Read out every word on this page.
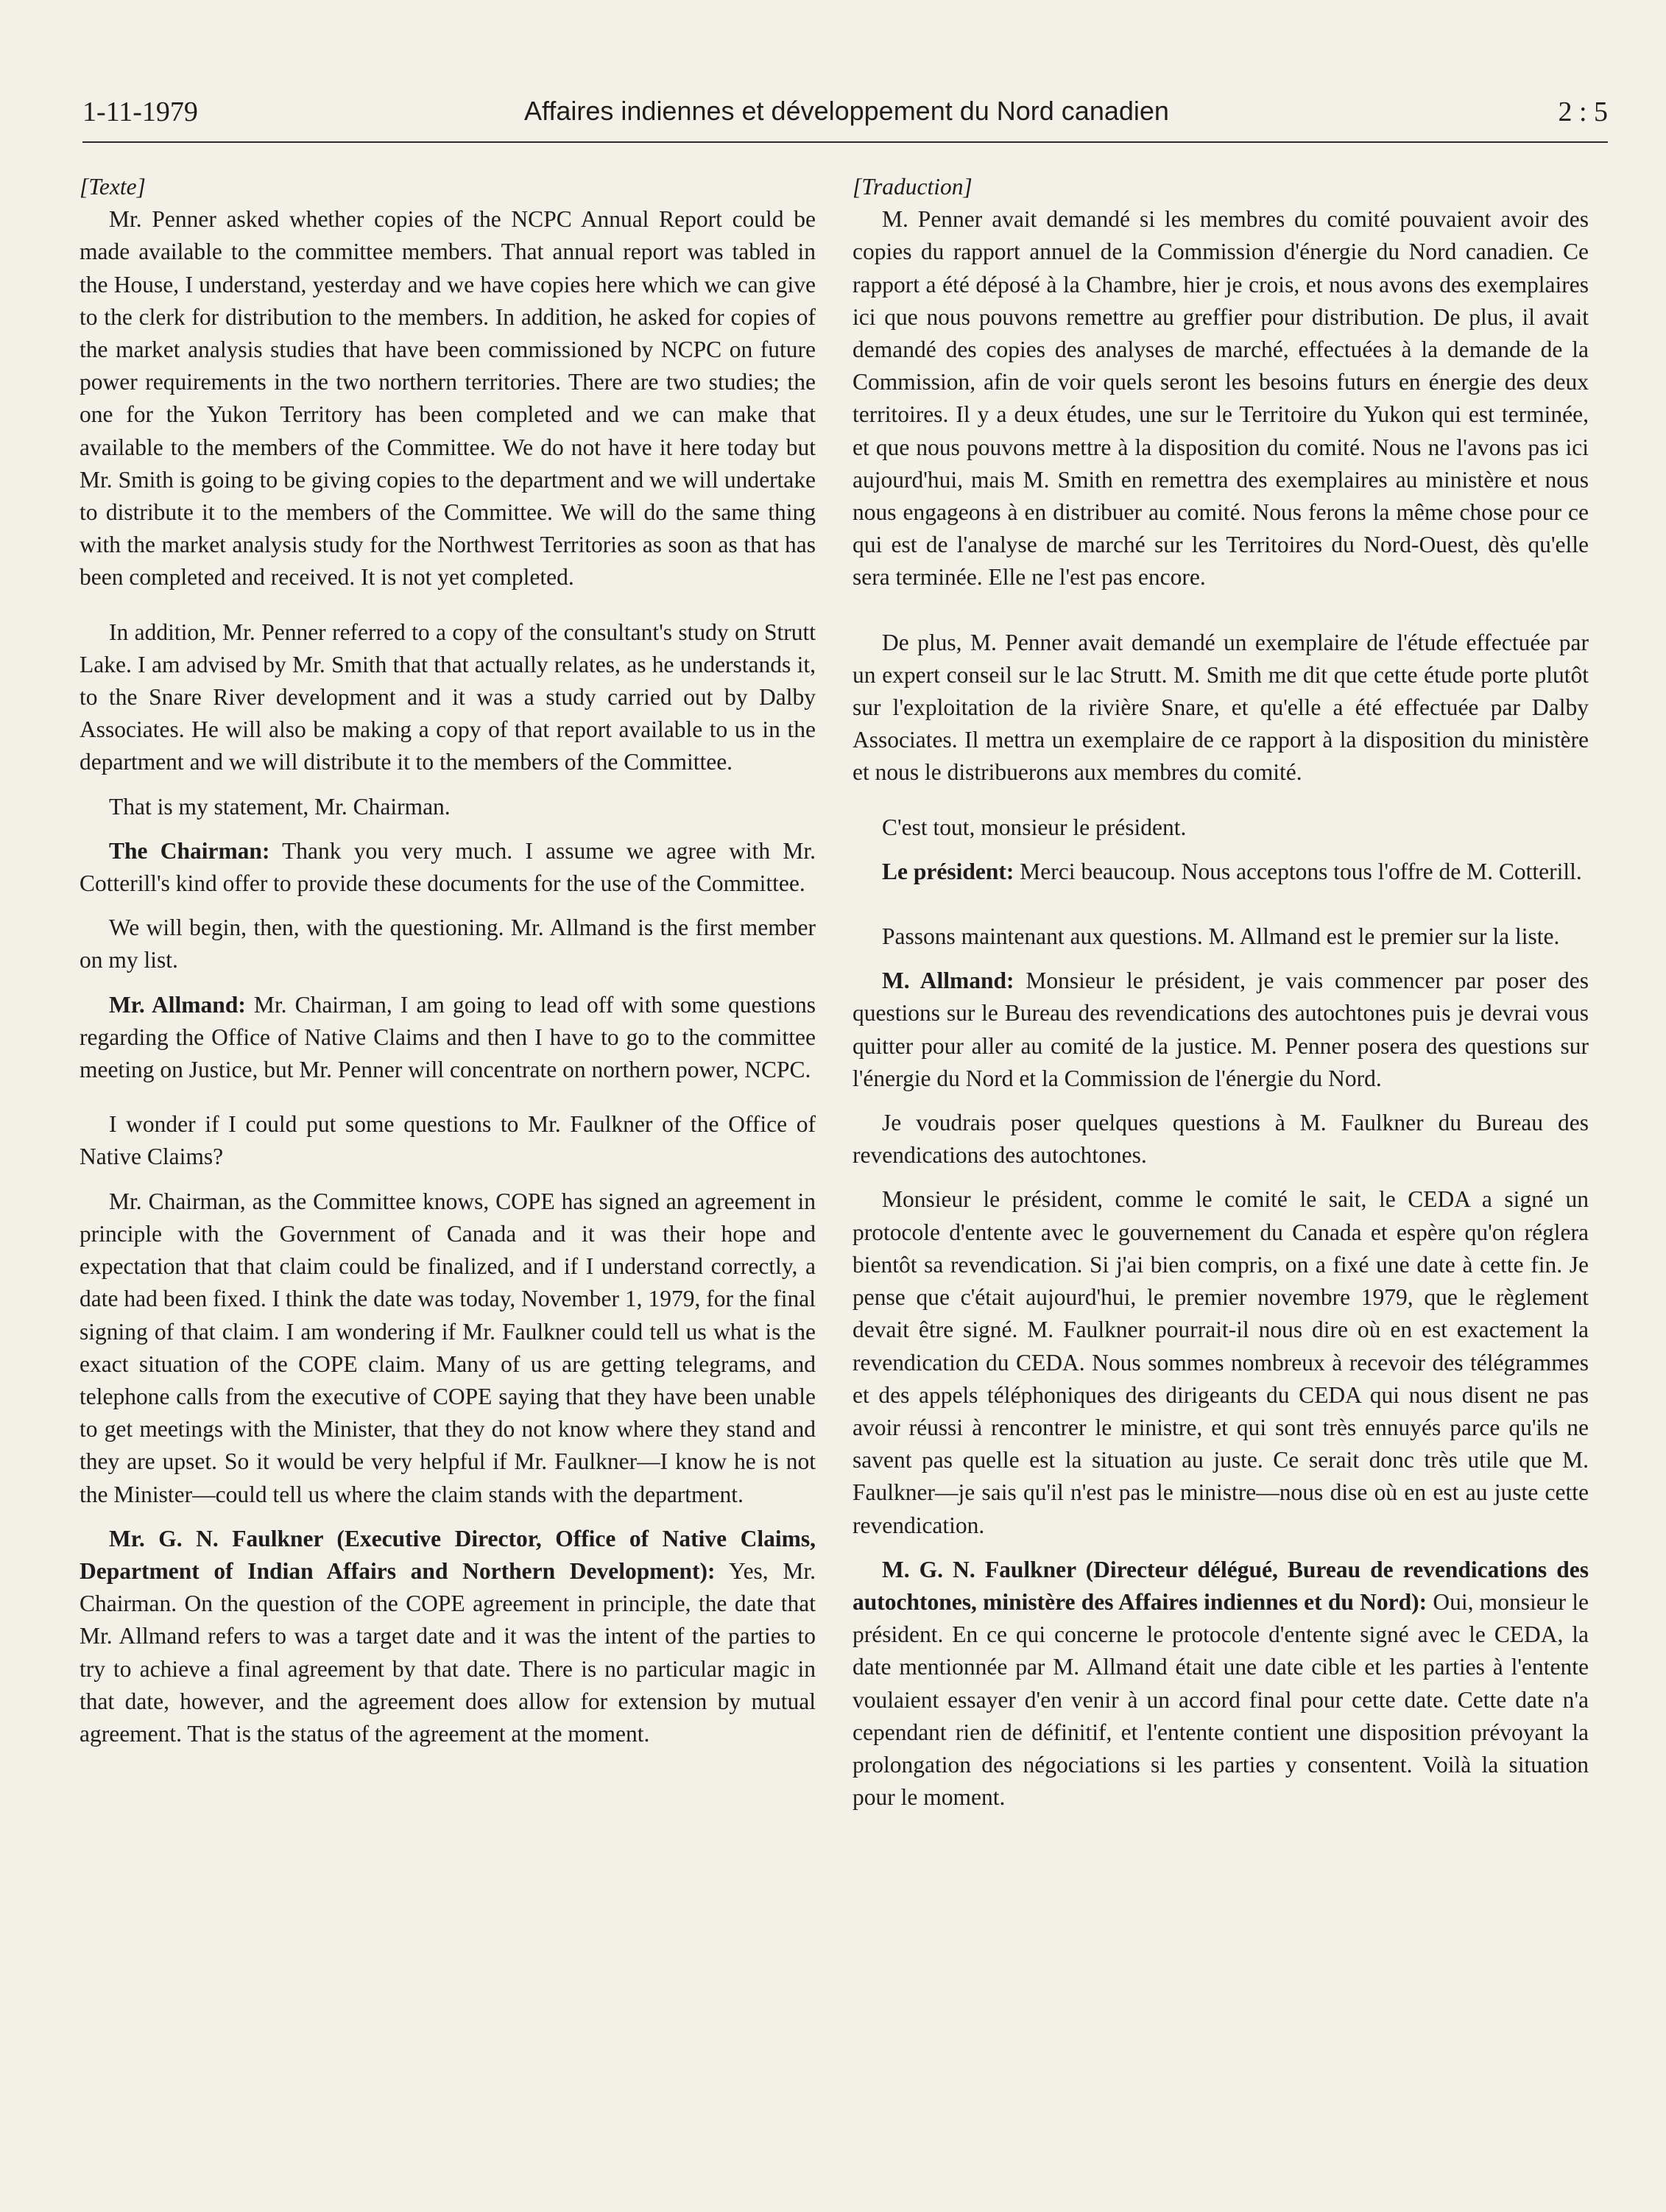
1-11-1979	Affaires indiennes et développement du Nord canadien	2 : 5

[Texte]

Mr. Penner asked whether copies of the NCPC Annual Report could be made available to the committee members. That annual report was tabled in the House, I understand, yesterday and we have copies here which we can give to the clerk for distribution to the members. In addition, he asked for copies of the market analysis studies that have been commissioned by NCPC on future power requirements in the two northern territories. There are two studies; the one for the Yukon Territory has been completed and we can make that available to the members of the Committee. We do not have it here today but Mr. Smith is going to be giving copies to the department and we will undertake to distribute it to the members of the Committee. We will do the same thing with the market analysis study for the Northwest Territories as soon as that has been completed and received. It is not yet completed.

In addition, Mr. Penner referred to a copy of the consultant's study on Strutt Lake. I am advised by Mr. Smith that that actually relates, as he understands it, to the Snare River development and it was a study carried out by Dalby Associates. He will also be making a copy of that report available to us in the department and we will distribute it to the members of the Committee.

That is my statement, Mr. Chairman.

The Chairman: Thank you very much. I assume we agree with Mr. Cotterill's kind offer to provide these documents for the use of the Committee.

We will begin, then, with the questioning. Mr. Allmand is the first member on my list.

Mr. Allmand: Mr. Chairman, I am going to lead off with some questions regarding the Office of Native Claims and then I have to go to the committee meeting on Justice, but Mr. Penner will concentrate on northern power, NCPC.

I wonder if I could put some questions to Mr. Faulkner of the Office of Native Claims?

Mr. Chairman, as the Committee knows, COPE has signed an agreement in principle with the Government of Canada and it was their hope and expectation that that claim could be finalized, and if I understand correctly, a date had been fixed. I think the date was today, November 1, 1979, for the final signing of that claim. I am wondering if Mr. Faulkner could tell us what is the exact situation of the COPE claim. Many of us are getting telegrams, and telephone calls from the executive of COPE saying that they have been unable to get meetings with the Minister, that they do not know where they stand and they are upset. So it would be very helpful if Mr. Faulkner—I know he is not the Minister—could tell us where the claim stands with the department.

Mr. G. N. Faulkner (Executive Director, Office of Native Claims, Department of Indian Affairs and Northern Development): Yes, Mr. Chairman. On the question of the COPE agreement in principle, the date that Mr. Allmand refers to was a target date and it was the intent of the parties to try to achieve a final agreement by that date. There is no particular magic in that date, however, and the agreement does allow for extension by mutual agreement. That is the status of the agreement at the moment.

[Traduction]

M. Penner avait demandé si les membres du comité pouvaient avoir des copies du rapport annuel de la Commission d'énergie du Nord canadien. Ce rapport a été déposé à la Chambre, hier je crois, et nous avons des exemplaires ici que nous pouvons remettre au greffier pour distribution. De plus, il avait demandé des copies des analyses de marché, effectuées à la demande de la Commission, afin de voir quels seront les besoins futurs en énergie des deux territoires. Il y a deux études, une sur le Territoire du Yukon qui est terminée, et que nous pouvons mettre à la disposition du comité. Nous ne l'avons pas ici aujourd'hui, mais M. Smith en remettra des exemplaires au ministère et nous nous engageons à en distribuer au comité. Nous ferons la même chose pour ce qui est de l'analyse de marché sur les Territoires du Nord-Ouest, dès qu'elle sera terminée. Elle ne l'est pas encore.

De plus, M. Penner avait demandé un exemplaire de l'étude effectuée par un expert conseil sur le lac Strutt. M. Smith me dit que cette étude porte plutôt sur l'exploitation de la rivière Snare, et qu'elle a été effectuée par Dalby Associates. Il mettra un exemplaire de ce rapport à la disposition du ministère et nous le distribuerons aux membres du comité.

C'est tout, monsieur le président.

Le président: Merci beaucoup. Nous acceptons tous l'offre de M. Cotterill.

Passons maintenant aux questions. M. Allmand est le premier sur la liste.

M. Allmand: Monsieur le président, je vais commencer par poser des questions sur le Bureau des revendications des autochtones puis je devrai vous quitter pour aller au comité de la justice. M. Penner posera des questions sur l'énergie du Nord et la Commission de l'énergie du Nord.

Je voudrais poser quelques questions à M. Faulkner du Bureau des revendications des autochtones.

Monsieur le président, comme le comité le sait, le CEDA a signé un protocole d'entente avec le gouvernement du Canada et espère qu'on réglera bientôt sa revendication. Si j'ai bien compris, on a fixé une date à cette fin. Je pense que c'était aujourd'hui, le premier novembre 1979, que le règlement devait être signé. M. Faulkner pourrait-il nous dire où en est exactement la revendication du CEDA. Nous sommes nombreux à recevoir des télégrammes et des appels téléphoniques des dirigeants du CEDA qui nous disent ne pas avoir réussi à rencontrer le ministre, et qui sont très ennuyés parce qu'ils ne savent pas quelle est la situation au juste. Ce serait donc très utile que M. Faulkner—je sais qu'il n'est pas le ministre—nous dise où en est au juste cette revendication.

M. G. N. Faulkner (Directeur délégué, Bureau de revendications des autochtones, ministère des Affaires indiennes et du Nord): Oui, monsieur le président. En ce qui concerne le protocole d'entente signé avec le CEDA, la date mentionnée par M. Allmand était une date cible et les parties à l'entente voulaient essayer d'en venir à un accord final pour cette date. Cette date n'a cependant rien de définitif, et l'entente contient une disposition prévoyant la prolongation des négociations si les parties y consentent. Voilà la situation pour le moment.
